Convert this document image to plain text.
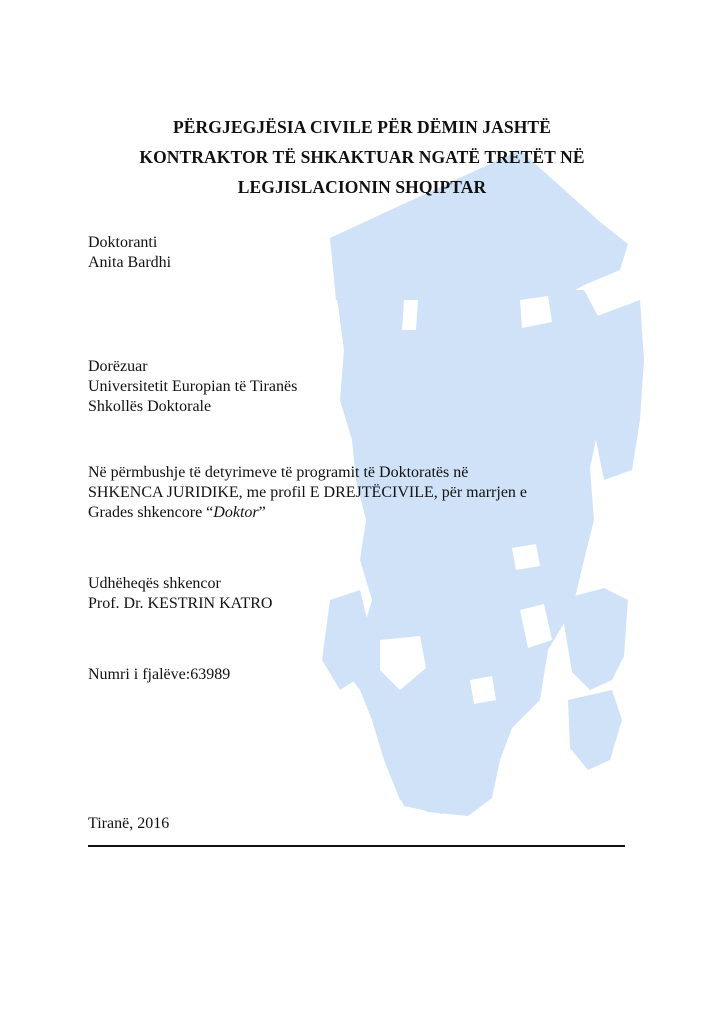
PËRGJEGJËSIA CIVILE PËR DËMIN JASHTË
KONTRAKTOR TË SHKAKTUAR NGATË TRETËT NË
LEGJISLACIONIN SHQIPTAR
Doktoranti
Anita Bardhi
Dorëzuar
Universitetit Europian të Tiranës
Shkollës Doktorale
Në përmbushje të detyrimeve të programit të Doktoratës në
SHKENCA JURIDIKE, me profil E DREJTËCIVILE, për marrjen e
Grades shkencore “Doktor”
Udhëheqës shkencor
Prof. Dr. KESTRIN KATRO
Numri i fjalëve:63989
Tiranë, 2016
